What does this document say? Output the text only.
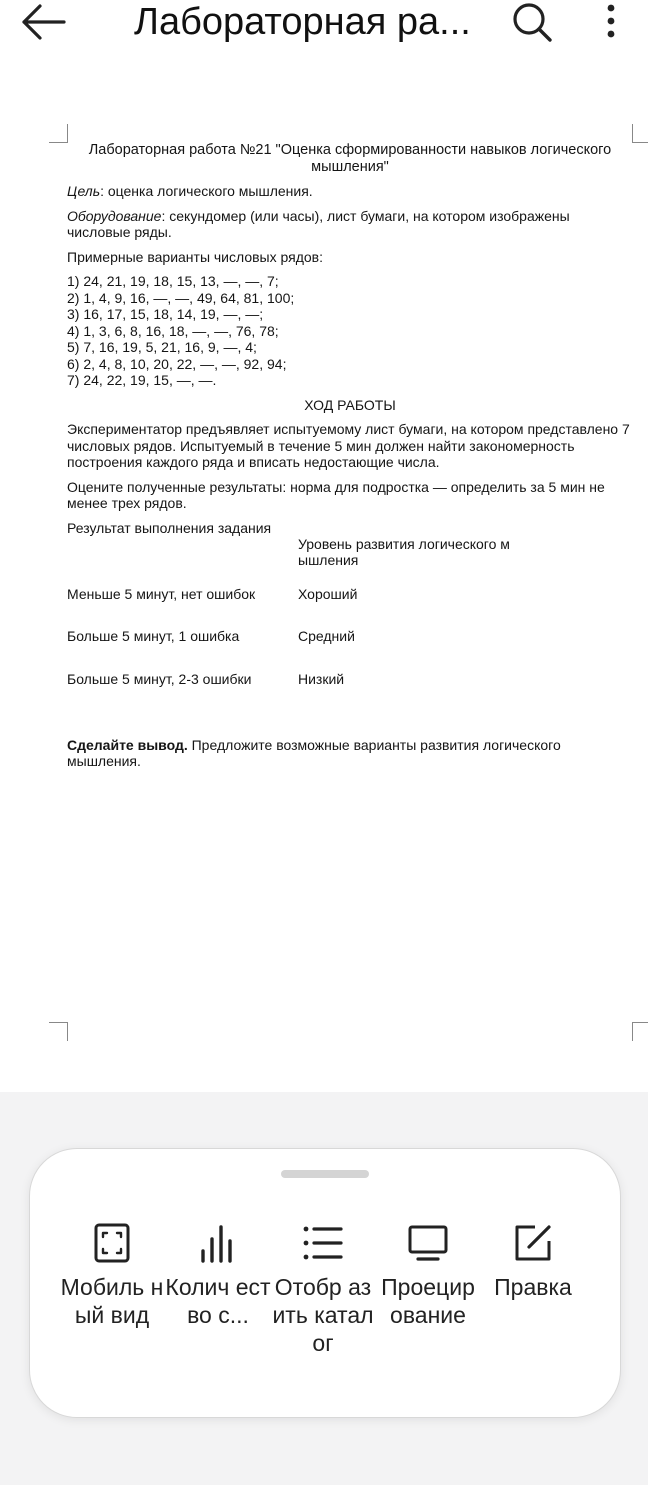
Лабораторная ра...
Лабораторная работа №21 "Оценка сформированности навыков логического мышления"

Цель: оценка логического мышления.

Оборудование: секундомер (или часы), лист бумаги, на котором изображены числовые ряды.

Примерные варианты числовых рядов:

1) 24, 21, 19, 18, 15, 13, —, —, 7;
2) 1, 4, 9, 16, —, —, 49, 64, 81, 100;
3) 16, 17, 15, 18, 14, 19, —, —;
4) 1, 3, 6, 8, 16, 18, —, —, 76, 78;
5) 7, 16, 19, 5, 21, 16, 9, —, 4;
6) 2, 4, 8, 10, 20, 22, —, —, 92, 94;
7) 24, 22, 19, 15, —, —.

ХОД РАБОТЫ

Экспериментатор предъявляет испытуемому лист бумаги, на котором представлено 7 числовых рядов. Испытуемый в течение 5 мин должен найти закономерность построения каждого ряда и вписать недостающие числа.

Оцените полученные результаты: норма для подростка — определить за 5 мин не менее трех рядов.

Результат выполнения задания
Уровень развития логического м ышления
Меньше 5 минут, нет ошибок	Хороший
Больше 5 минут, 1 ошибка	Средний
Больше 5 минут, 2-3 ошибки	Низкий

Сделайте вывод. Предложите возможные варианты развития логического мышления.

Мобиль ный вид
Колич ество с...
Отобр азить каталог
Проецир ование
Правка
